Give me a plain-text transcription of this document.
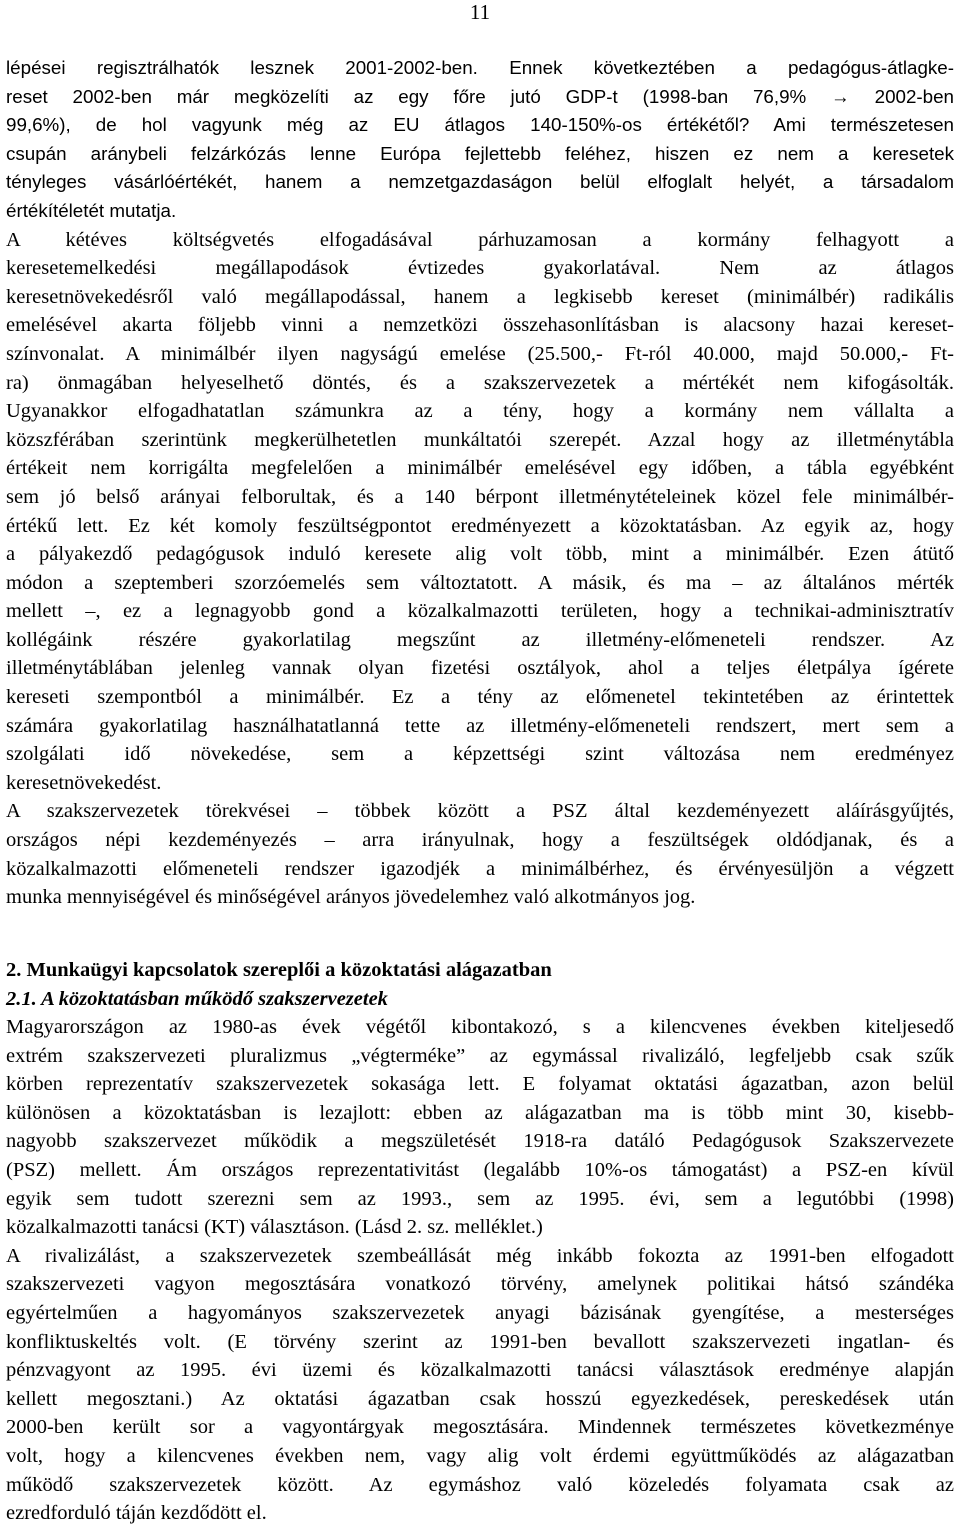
11
lépései regisztrálhatók lesznek 2001-2002-ben. Ennek következtében a pedagógus-átlagke-
reset 2002-ben már megközelíti az egy főre jutó GDP-t (1998-ban 76,9% → 2002-ben
99,6%), de hol vagyunk még az EU átlagos 140-150%-os értékétől? Ami természetesen
csupán aránybeli felzárkózás lenne Európa fejlettebb feléhez, hiszen ez nem a keresetek
tényleges vásárlóértékét, hanem a nemzetgazdaságon belül elfoglalt helyét, a társadalom
értékítéletét mutatja.
A kétéves költségvetés elfogadásával párhuzamosan a kormány felhagyott a
keresetemelkedési megállapodások évtizedes gyakorlatával. Nem az átlagos
keresetnövekedésről való megállapodással, hanem a legkisebb kereset (minimálbér) radikális
emelésével akarta följebb vinni a nemzetközi összehasonlításban is alacsony hazai kereset-
színvonalat. A minimálbér ilyen nagyságú emelése (25.500,- Ft-ról 40.000, majd 50.000,- Ft-
ra) önmagában helyeselhető döntés, és a szakszervezetek a mértékét nem kifogásolták.
Ugyanakkor elfogadhatatlan számunkra az a tény, hogy a kormány nem vállalta a
közszférában szerintünk megkerülhetetlen munkáltatói szerepét. Azzal hogy az illetménytábla
értékeit nem korrigálta megfelelően a minimálbér emelésével egy időben, a tábla egyébként
sem jó belső arányai felborultak, és a 140 bérpont illetménytételeinek közel fele minimálbér-
értékű lett. Ez két komoly feszültségpontot eredményezett a közoktatásban. Az egyik az, hogy
a pályakezdő pedagógusok induló keresete alig volt több, mint a minimálbér. Ezen átütő
módon a szeptemberi szorzóemelés sem változtatott. A másik, és ma – az általános mérték
mellett –, ez a legnagyobb gond a közalkalmazotti területen, hogy a technikai-adminisztratív
kollégáink részére gyakorlatilag megszűnt az illetmény-előmeneteli rendszer. Az
illetménytáblában jelenleg vannak olyan fizetési osztályok, ahol a teljes életpálya ígérete
kereseti szempontból a minimálbér. Ez a tény az előmenetel tekintetében az érintettek
számára gyakorlatilag használhatatlanná tette az illetmény-előmeneteli rendszert, mert sem a
szolgálati idő növekedése, sem a képzettségi szint változása nem eredményez
keresetnövekedést.
A szakszervezetek törekvései – többek között a PSZ által kezdeményezett aláírásgyűjtés,
országos népi kezdeményezés – arra irányulnak, hogy a feszültségek oldódjanak, és a
közalkalmazotti előmeneteli rendszer igazodjék a minimálbérhez, és érvényesüljön a végzett
munka mennyiségével és minőségével arányos jövedelemhez való alkotmányos jog.
2. Munkaügyi kapcsolatok szereplői a közoktatási alágazatban
2.1. A közoktatásban működő szakszervezetek
Magyarországon az 1980-as évek végétől kibontakozó, s a kilencvenes években kiteljesedő
extrém szakszervezeti pluralizmus „végterméke” az egymással rivalizáló, legfeljebb csak szűk
körben reprezentatív szakszervezetek sokasága lett. E folyamat oktatási ágazatban, azon belül
különösen a közoktatásban is lezajlott: ebben az alágazatban ma is több mint 30, kisebb-
nagyobb szakszervezet működik a megszületését 1918-ra datáló Pedagógusok Szakszervezete
(PSZ) mellett. Ám országos reprezentativitást (legalább 10%-os támogatást) a PSZ-en kívül
egyik sem tudott szerezni sem az 1993., sem az 1995. évi, sem a legutóbbi (1998)
közalkalmazotti tanácsi (KT) választáson. (Lásd 2. sz. melléklet.)
A rivalizálást, a szakszervezetek szembeállását még inkább fokozta az 1991-ben elfogadott
szakszervezeti vagyon megosztására vonatkozó törvény, amelynek politikai hátsó szándéka
egyértelműen a hagyományos szakszervezetek anyagi bázisának gyengítése, a mesterséges
konfliktuskeltés volt. (E törvény szerint az 1991-ben bevallott szakszervezeti ingatlan- és
pénzvagyont az 1995. évi üzemi és közalkalmazotti tanácsi választások eredménye alapján
kellett megosztani.) Az oktatási ágazatban csak hosszú egyezkedések, pereskedések után
2000-ben került sor a vagyontárgyak megosztására. Mindennek természetes következménye
volt, hogy a kilencvenes években nem, vagy alig volt érdemi együttműködés az alágazatban
működő szakszervezetek között. Az egymáshoz való közeledés folyamata csak az
ezredforduló táján kezdődött el.
